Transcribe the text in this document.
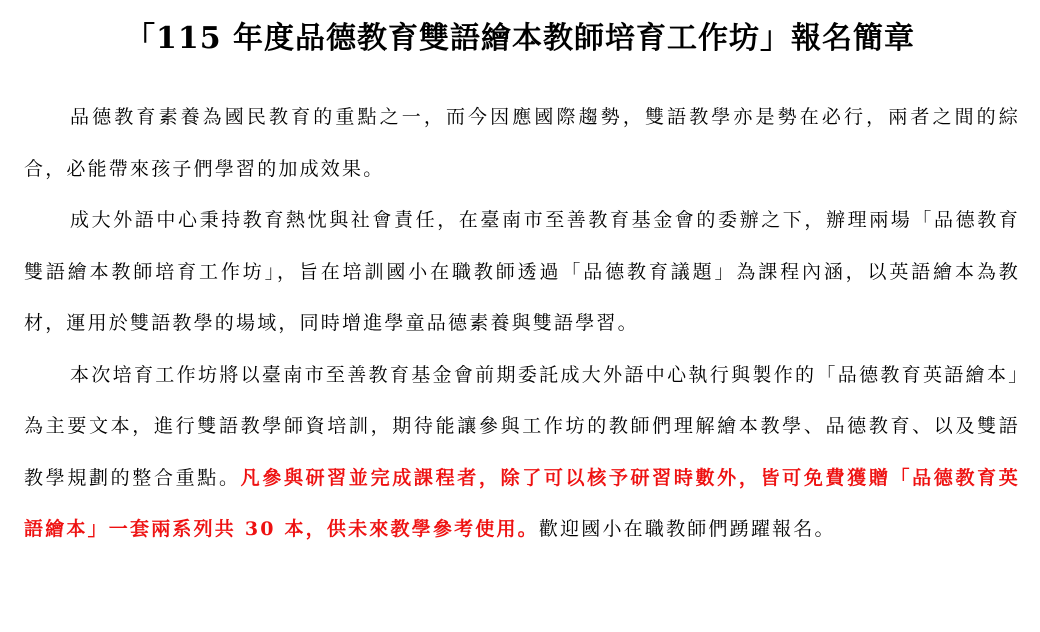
「115 年度品德教育雙語繪本教師培育工作坊」報名簡章

品德教育素養為國民教育的重點之一，而今因應國際趨勢，雙語教學亦是勢在必行，兩者之間的綜合，必能帶來孩子們學習的加成效果。

成大外語中心秉持教育熱忱與社會責任，在臺南市至善教育基金會的委辦之下，辦理兩場「品德教育雙語繪本教師培育工作坊」，旨在培訓國小在職教師透過「品德教育議題」為課程內涵，以英語繪本為教材，運用於雙語教學的場域，同時增進學童品德素養與雙語學習。

本次培育工作坊將以臺南市至善教育基金會前期委託成大外語中心執行與製作的「品德教育英語繪本」為主要文本，進行雙語教學師資培訓，期待能讓參與工作坊的教師們理解繪本教學、品德教育、以及雙語教學規劃的整合重點。凡參與研習並完成課程者，除了可以核予研習時數外，皆可免費獲贈「品德教育英語繪本」一套兩系列共 30 本，供未來教學參考使用。歡迎國小在職教師們踴躍報名。
